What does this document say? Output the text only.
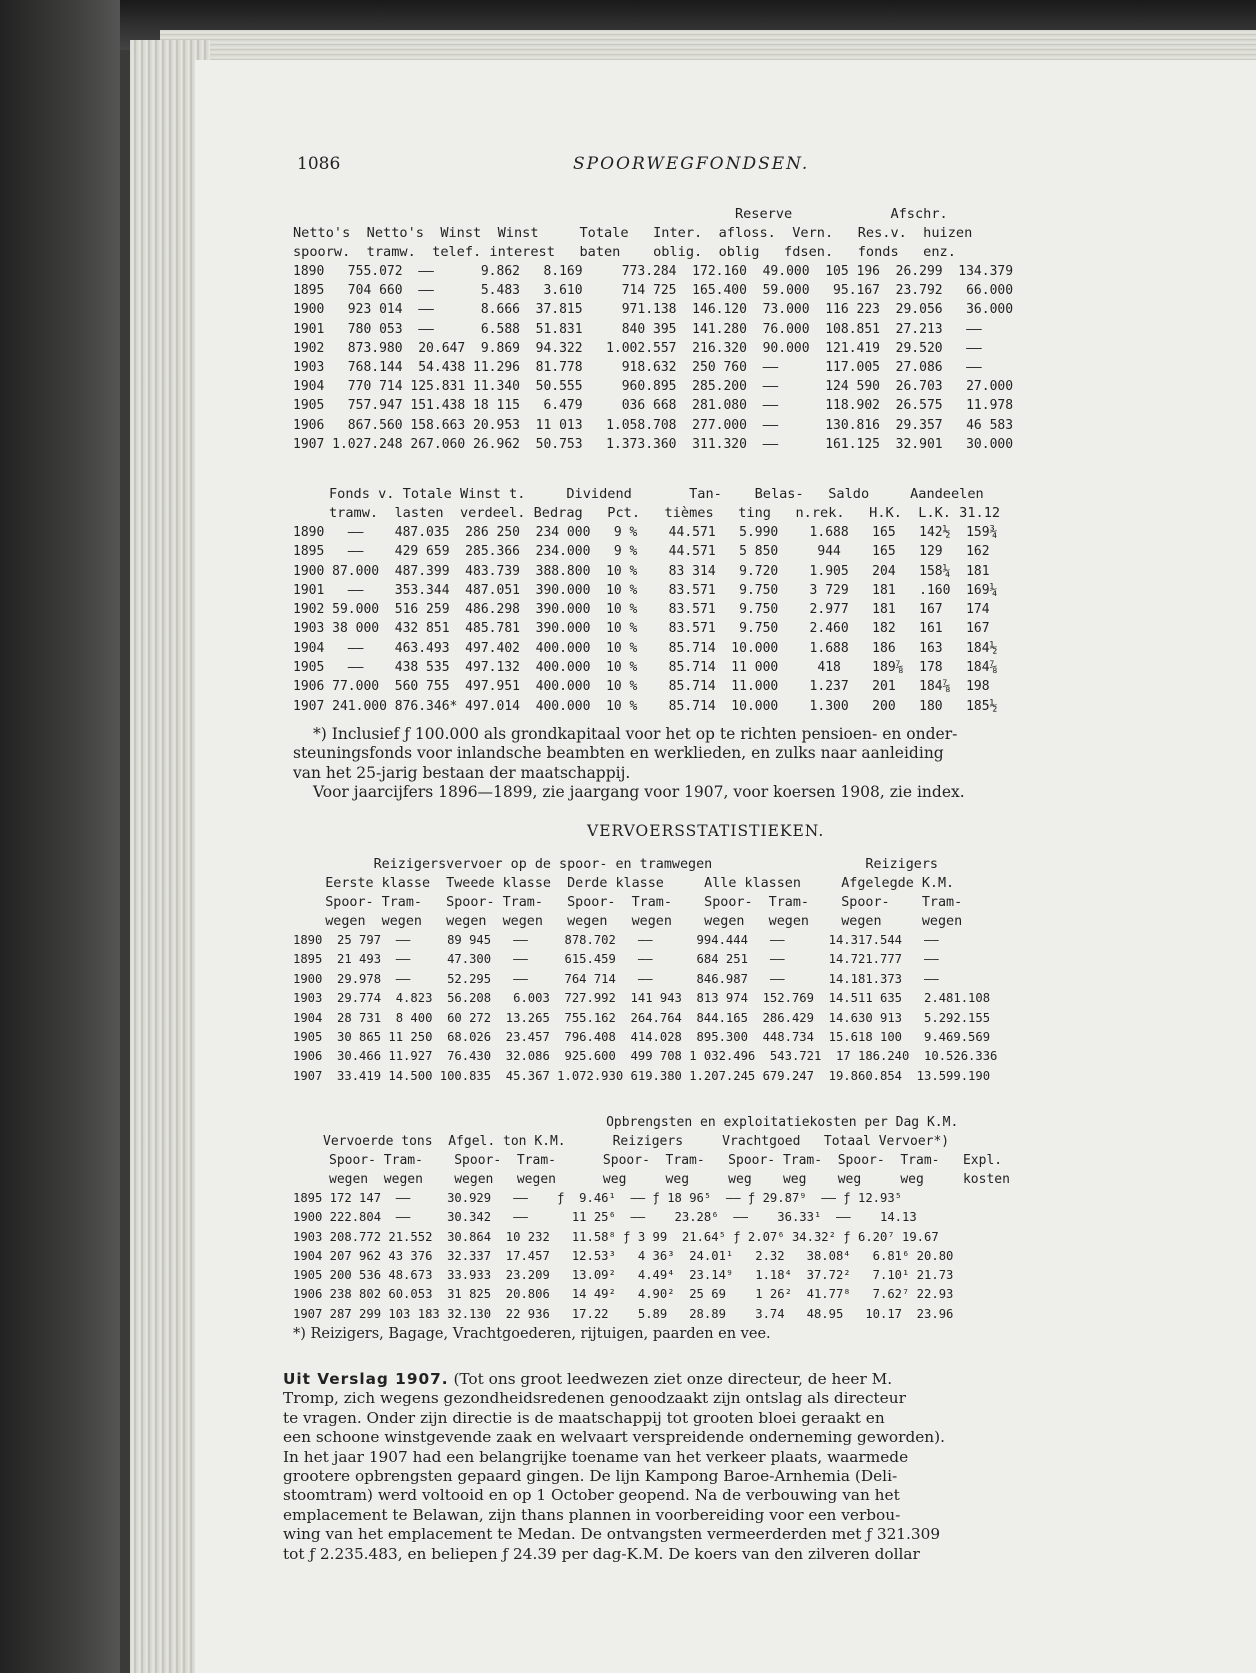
1086	SPOORWEGFONDSEN.
Reserve            Afschr.
Netto's  Netto's  Winst  Winst     Totale   Inter.  afloss.  Vern.   Res.v.  huizen
spoorw.  tramw.  telef. interest   baten    oblig.  oblig   fdsen.   fonds   enz.
1890   755.072  ——      9.862   8.169     773.284  172.160  49.000  105 196  26.299  134.379
1895   704 660  ——      5.483   3.610     714 725  165.400  59.000   95.167  23.792   66.000
1900   923 014  ——      8.666  37.815     971.138  146.120  73.000  116 223  29.056   36.000
1901   780 053  ——      6.588  51.831     840 395  141.280  76.000  108.851  27.213   ——
1902   873.980  20.647  9.869  94.322   1.002.557  216.320  90.000  121.419  29.520   ——
1903   768.144  54.438 11.296  81.778     918.632  250 760  ——      117.005  27.086   ——
1904   770 714 125.831 11.340  50.555     960.895  285.200  ——      124 590  26.703   27.000
1905   757.947 151.438 18 115   6.479     036 668  281.080  ——      118.902  26.575   11.978
1906   867.560 158.663 20.953  11 013   1.058.708  277.000  ——      130.816  29.357   46 583
1907 1.027.248 267.060 26.962  50.753   1.373.360  311.320  ——      161.125  32.901   30.000
Fonds v. Totale Winst t.     Dividend       Tan-    Belas-   Saldo     Aandeelen
tramw.  lasten  verdeel. Bedrag   Pct.   tièmes   ting   n.rek.   H.K.  L.K. 31.12
1890   ——    487.035  286 250  234 000   9 %    44.571   5.990    1.688   165   142½  159¾
1895   ——    429 659  285.366  234.000   9 %    44.571   5 850     944    165   129   162
1900 87.000  487.399  483.739  388.800  10 %    83 314   9.720    1.905   204   158¼  181
1901   ——    353.344  487.051  390.000  10 %    83.571   9.750    3 729   181   .160  169¼
1902 59.000  516 259  486.298  390.000  10 %    83.571   9.750    2.977   181   167   174
1903 38 000  432 851  485.781  390.000  10 %    83.571   9.750    2.460   182   161   167
1904   ——    463.493  497.402  400.000  10 %    85.714  10.000    1.688   186   163   184½
1905   ——    438 535  497.132  400.000  10 %    85.714  11 000     418    189⅞  178   184⅞
1906 77.000  560 755  497.951  400.000  10 %    85.714  11.000    1.237   201   184⅞  198
1907 241.000 876.346* 497.014  400.000  10 %    85.714  10.000    1.300   200   180   185½
*) Inclusief ƒ 100.000 als grondkapitaal voor het op te richten pensioen- en onder-
steuningsfonds voor inlandsche beambten en werklieden, en zulks naar aanleiding
van het 25-jarig bestaan der maatschappij.
Voor jaarcijfers 1896—1899, zie jaargang voor 1907, voor koersen 1908, zie index.
VERVOERSSTATISTIEKEN.
Reizigersvervoer op de spoor- en tramwegen                   Reizigers
Eerste klasse  Tweede klasse  Derde klasse     Alle klassen     Afgelegde K.M.
Spoor- Tram-   Spoor- Tram-   Spoor-  Tram-    Spoor-  Tram-    Spoor-    Tram-
wegen  wegen   wegen  wegen   wegen   wegen    wegen   wegen    wegen     wegen
1890  25 797  ——     89 945   ——     878.702   ——      994.444   ——      14.317.544   ——
1895  21 493  ——     47.300   ——     615.459   ——      684 251   ——      14.721.777   ——
1900  29.978  ——     52.295   ——     764 714   ——      846.987   ——      14.181.373   ——
1903  29.774  4.823  56.208   6.003  727.992  141 943  813 974  152.769  14.511 635   2.481.108
1904  28 731  8 400  60 272  13.265  755.162  264.764  844.165  286.429  14.630 913   5.292.155
1905  30 865 11 250  68.026  23.457  796.408  414.028  895.300  448.734  15.618 100   9.469.569
1906  30.466 11.927  76.430  32.086  925.600  499 708 1 032.496  543.721  17 186.240  10.526.336
1907  33.419 14.500 100.835  45.367 1.072.930 619.380 1.207.245 679.247  19.860.854  13.599.190
Opbrengsten en exploitatiekosten per Dag K.M.
Vervoerde tons  Afgel. ton K.M.      Reizigers     Vrachtgoed   Totaal Vervoer*)
Spoor- Tram-    Spoor-  Tram-      Spoor-  Tram-   Spoor- Tram-  Spoor-  Tram-   Expl.
wegen  wegen    wegen   wegen      weg     weg     weg    weg    weg     weg     kosten
1895 172 147  ——     30.929   ——    ƒ  9.46¹  —— ƒ 18 96⁵  —— ƒ 29.87⁹  —— ƒ 12.93⁵
1900 222.804  ——     30.342   ——      11 25⁶  ——    23.28⁶  ——    36.33¹  ——    14.13
1903 208.772 21.552  30.864  10 232   11.58⁸ ƒ 3 99  21.64⁵ ƒ 2.07⁶ 34.32² ƒ 6.20⁷ 19.67
1904 207 962 43 376  32.337  17.457   12.53³   4 36³  24.01¹   2.32   38.08⁴   6.81⁶ 20.80
1905 200 536 48.673  33.933  23.209   13.09²   4.49⁴  23.14⁹   1.18⁴  37.72²   7.10¹ 21.73
1906 238 802 60.053  31 825  20.806   14 49²   4.90²  25 69    1 26²  41.77⁸   7.62⁷ 22.93
1907 287 299 103 183 32.130  22 936   17.22    5.89   28.89    3.74   48.95   10.17  23.96
*) Reizigers, Bagage, Vrachtgoederen, rijtuigen, paarden en vee.
Uit Verslag 1907. (Tot ons groot leedwezen ziet onze directeur, de heer M.
Tromp, zich wegens gezondheidsredenen genoodzaakt zijn ontslag als directeur
te vragen. Onder zijn directie is de maatschappij tot grooten bloei geraakt en
een schoone winstgevende zaak en welvaart verspreidende onderneming geworden).
In het jaar 1907 had een belangrijke toename van het verkeer plaats, waarmede
grootere opbrengsten gepaard gingen. De lijn Kampong Baroe-Arnhemia (Deli-
stoomtram) werd voltooid en op 1 October geopend. Na de verbouwing van het
emplacement te Belawan, zijn thans plannen in voorbereiding voor een verbou-
wing van het emplacement te Medan. De ontvangsten vermeerderden met ƒ 321.309
tot ƒ 2.235.483, en beliepen ƒ 24.39 per dag-K.M. De koers van den zilveren dollar
